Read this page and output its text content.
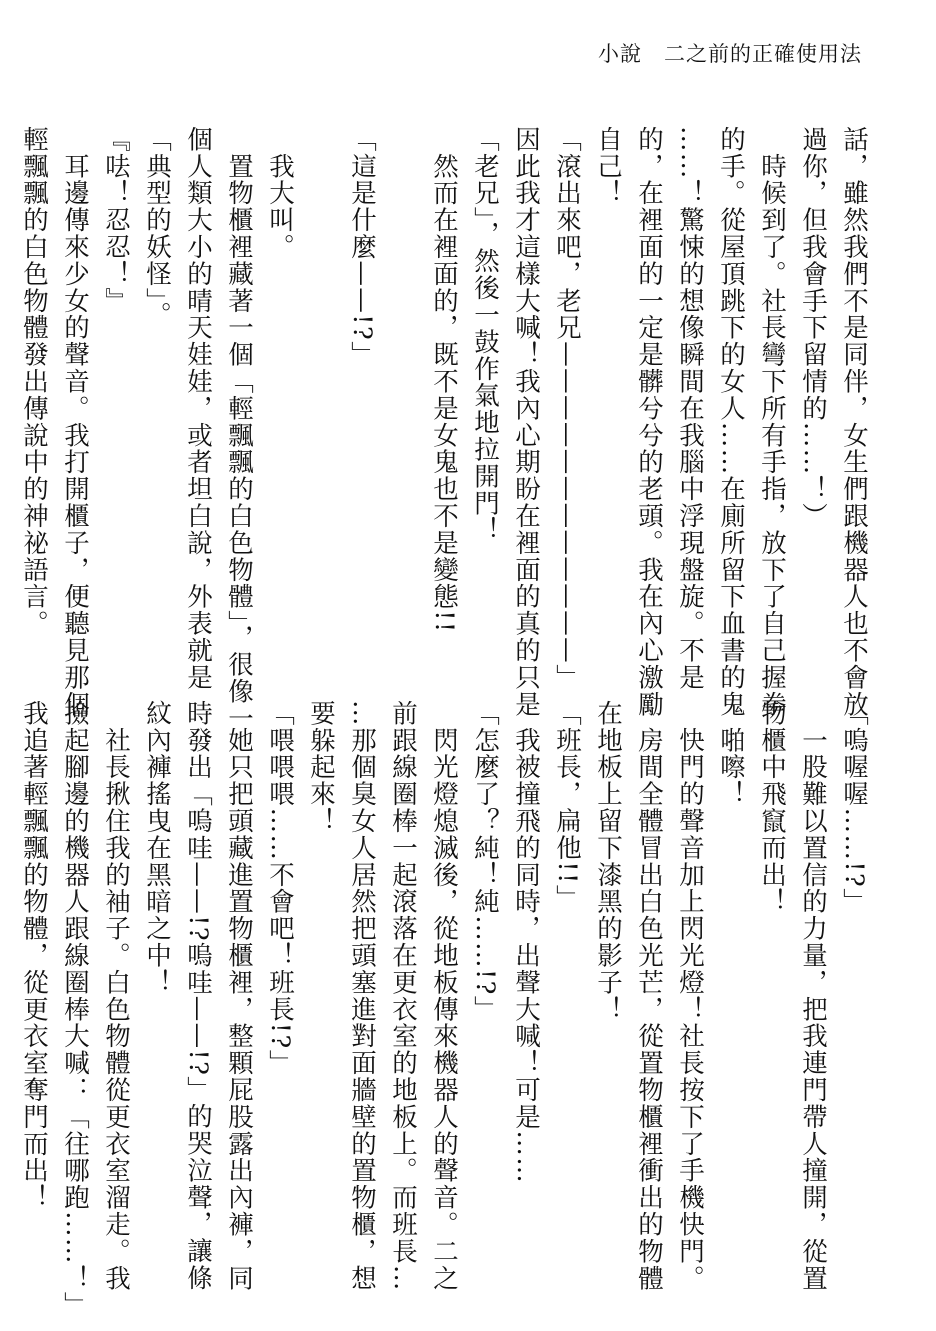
小說　二之前的正確使用法
話，雖然我們不是同伴，女生們跟機器人也不會放
過你，但我會手下留情的……！）
　時候到了。社長彎下所有手指，放下了自己握拳
的手。從屋頂跳下的女人……在廁所留下血書的鬼
……！驚悚的想像瞬間在我腦中浮現盤旋。不是
的，在裡面的一定是髒兮兮的老頭。我在內心激勵
自己！
「滾出來吧，老兄————————————」
因此我才這樣大喊！我內心期盼在裡面的真的只是
「老兄」，然後一鼓作氣地拉開門！
　然而在裡面的，既不是女鬼也不是變態!!

「這是什麼——!?」

　我大叫。
　置物櫃裡藏著一個「輕飄飄的白色物體」，很像一
個人類大小的晴天娃娃，或者坦白說，外表就是
「典型的妖怪」。
『呿！忍忍！』
　耳邊傳來少女的聲音。我打開櫃子，便聽見那個
輕飄飄的白色物體發出傳說中的神祕語言。
「嗚喔喔……!?」
　一股難以置信的力量，把我連門帶人撞開，從置
物櫃中飛竄而出！
　啪嚓！
　快門的聲音加上閃光燈！社長按下了手機快門。
　房間全體冒出白色光芒，從置物櫃裡衝出的物體
在地板上留下漆黑的影子！
「班長，扁他!!」
　我被撞飛的同時，出聲大喊！可是……
「怎麼了？純！純……!?」
　閃光燈熄滅後，從地板傳來機器人的聲音。二之
前跟線圈棒一起滾落在更衣室的地板上。而班長…
…那個臭女人居然把頭塞進對面牆壁的置物櫃，想
要躲起來！
「喂喂喂……不會吧！班長!?」
　她只把頭藏進置物櫃裡，整顆屁股露出內褲，同
時發出「嗚哇——!?嗚哇——!?」的哭泣聲，讓條
紋內褲搖曳在黑暗之中！
　社長揪住我的袖子。白色物體從更衣室溜走。我
撿起腳邊的機器人跟線圈棒大喊：「往哪跑……！」
我追著輕飄飄的物體，從更衣室奪門而出！
